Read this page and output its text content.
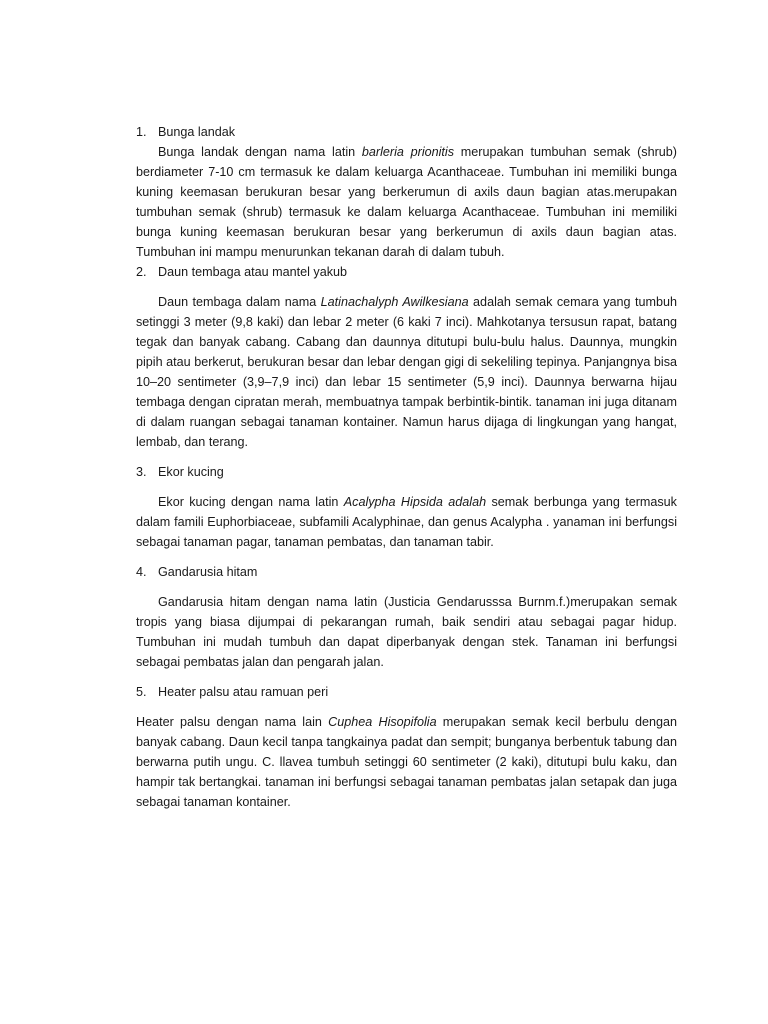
1. Bunga landak

Bunga landak dengan nama latin barleria prionitis merupakan tumbuhan semak (shrub) berdiameter 7-10 cm termasuk ke dalam keluarga Acanthaceae. Tumbuhan ini memiliki bunga kuning keemasan berukuran besar yang berkerumun di axils daun bagian atas.merupakan tumbuhan semak (shrub) termasuk ke dalam keluarga Acanthaceae. Tumbuhan ini memiliki bunga kuning keemasan berukuran besar yang berkerumun di axils daun bagian atas. Tumbuhan ini mampu menurunkan tekanan darah di dalam tubuh.

2. Daun tembaga atau mantel yakub

Daun tembaga dalam nama Latinachalyph Awilkesiana adalah semak cemara yang tumbuh setinggi 3 meter (9,8 kaki) dan lebar 2 meter (6 kaki 7 inci). Mahkotanya tersusun rapat, batang tegak dan banyak cabang. Cabang dan daunnya ditutupi bulu-bulu halus. Daunnya, mungkin pipih atau berkerut, berukuran besar dan lebar dengan gigi di sekeliling tepinya. Panjangnya bisa 10–20 sentimeter (3,9–7,9 inci) dan lebar 15 sentimeter (5,9 inci). Daunnya berwarna hijau tembaga dengan cipratan merah, membuatnya tampak berbintik-bintik. tanaman ini juga ditanam di dalam ruangan sebagai tanaman kontainer. Namun harus dijaga di lingkungan yang hangat, lembab, dan terang.

3. Ekor kucing

Ekor kucing dengan nama latin Acalypha Hipsida adalah semak berbunga yang termasuk dalam famili Euphorbiaceae, subfamili Acalyphinae, dan genus Acalypha . yanaman ini berfungsi sebagai tanaman pagar, tanaman pembatas, dan tanaman tabir.

4. Gandarusia hitam

Gandarusia hitam dengan nama latin (Justicia Gendarusssa Burnm.f.)merupakan semak tropis yang biasa dijumpai di pekarangan rumah, baik sendiri atau sebagai pagar hidup. Tumbuhan ini mudah tumbuh dan dapat diperbanyak dengan stek. Tanaman ini berfungsi sebagai pembatas jalan dan pengarah jalan.

5. Heater palsu atau ramuan peri

Heater palsu dengan nama lain Cuphea Hisopifolia merupakan semak kecil berbulu dengan banyak cabang. Daun kecil tanpa tangkainya padat dan sempit; bunganya berbentuk tabung dan berwarna putih ungu. C. llavea tumbuh setinggi 60 sentimeter (2 kaki), ditutupi bulu kaku, dan hampir tak bertangkai. tanaman ini berfungsi sebagai tanaman pembatas jalan setapak dan juga sebagai tanaman kontainer.
